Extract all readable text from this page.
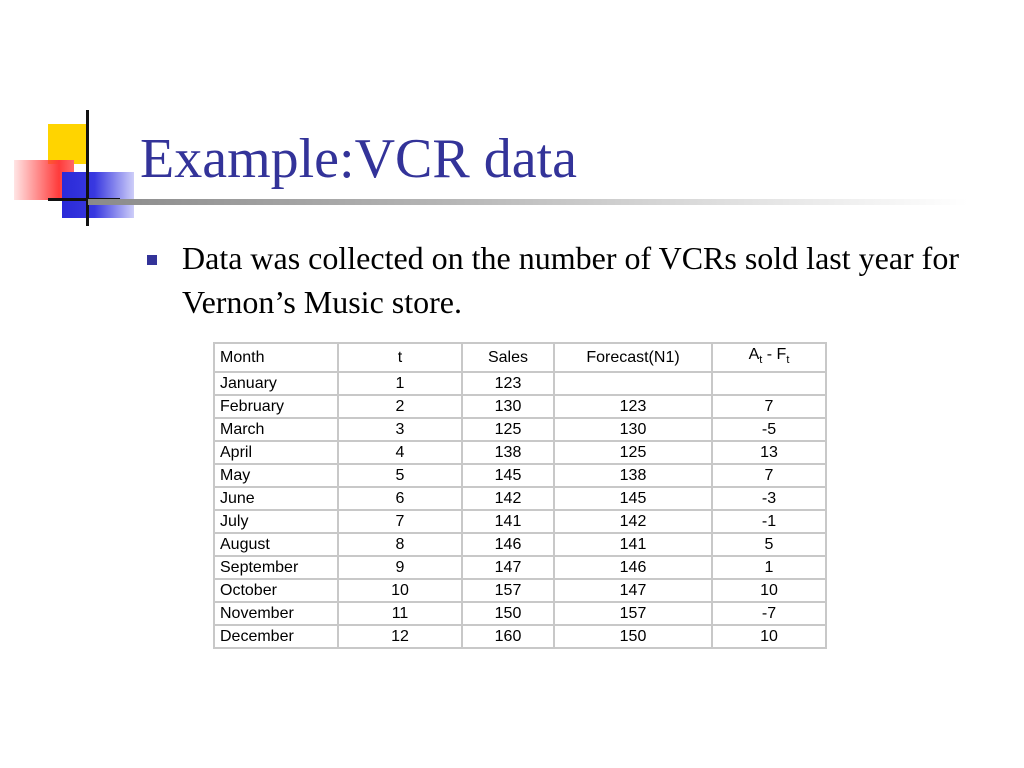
Example:VCR data

Data was collected on the number of VCRs sold last year for Vernon’s Music store.

Month	t	Sales	Forecast(N1)	$A_t - F_t$
January	1	123		
February	2	130	123	7
March	3	125	130	-5
April	4	138	125	13
May	5	145	138	7
June	6	142	145	-3
July	7	141	142	-1
August	8	146	141	5
September	9	147	146	1
October	10	157	147	10
November	11	150	157	-7
December	12	160	150	10
